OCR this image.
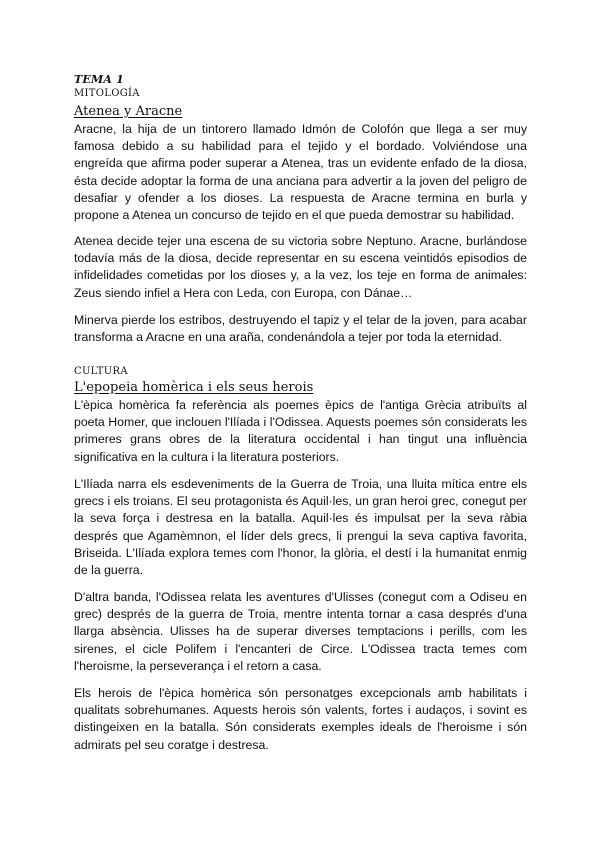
TEMA 1
MITOLOGÍA
Atenea y Aracne

Aracne, la hija de un tintorero llamado Idmón de Colofón que llega a ser muy famosa debido a su habilidad para el tejido y el bordado. Volviéndose una engreída que afirma poder superar a Atenea, tras un evidente enfado de la diosa, ésta decide adoptar la forma de una anciana para advertir a la joven del peligro de desafiar y ofender a los dioses. La respuesta de Aracne termina en burla y propone a Atenea un concurso de tejido en el que pueda demostrar su habilidad.

Atenea decide tejer una escena de su victoria sobre Neptuno. Aracne, burlándose todavía más de la diosa, decide representar en su escena veintidós episodios de infidelidades cometidas por los dioses y, a la vez, los teje en forma de animales: Zeus siendo infiel a Hera con Leda, con Europa, con Dánae…

Minerva pierde los estribos, destruyendo el tapiz y el telar de la joven, para acabar transforma a Aracne en una araña, condenándola a tejer por toda la eternidad.

CULTURA
L'epopeia homèrica i els seus herois

L'èpica homèrica fa referència als poemes èpics de l'antiga Grècia atribuïts al poeta Homer, que inclouen l'Ilíada i l'Odissea. Aquests poemes són considerats les primeres grans obres de la literatura occidental i han tingut una influència significativa en la cultura i la literatura posteriors.

L'Ilíada narra els esdeveniments de la Guerra de Troia, una lluita mítica entre els grecs i els troians. El seu protagonista és Aquil·les, un gran heroi grec, conegut per la seva força i destresa en la batalla. Aquil·les és impulsat per la seva ràbia després que Agamèmnon, el líder dels grecs, li prengui la seva captiva favorita, Briseida. L'Ilíada explora temes com l'honor, la glòria, el destí i la humanitat enmig de la guerra.

D'altra banda, l'Odissea relata les aventures d'Ulisses (conegut com a Odiseu en grec) després de la guerra de Troia, mentre intenta tornar a casa després d'una llarga absència. Ulisses ha de superar diverses temptacions i perills, com les sirenes, el cicle Polifem i l'encanteri de Circe. L'Odissea tracta temes com l'heroisme, la perseverança i el retorn a casa.

Els herois de l'èpica homèrica són personatges excepcionals amb habilitats i qualitats sobrehumanes. Aquests herois són valents, fortes i audaços, i sovint es distingeixen en la batalla. Són considerats exemples ideals de l'heroisme i són admirats pel seu coratge i destresa.
